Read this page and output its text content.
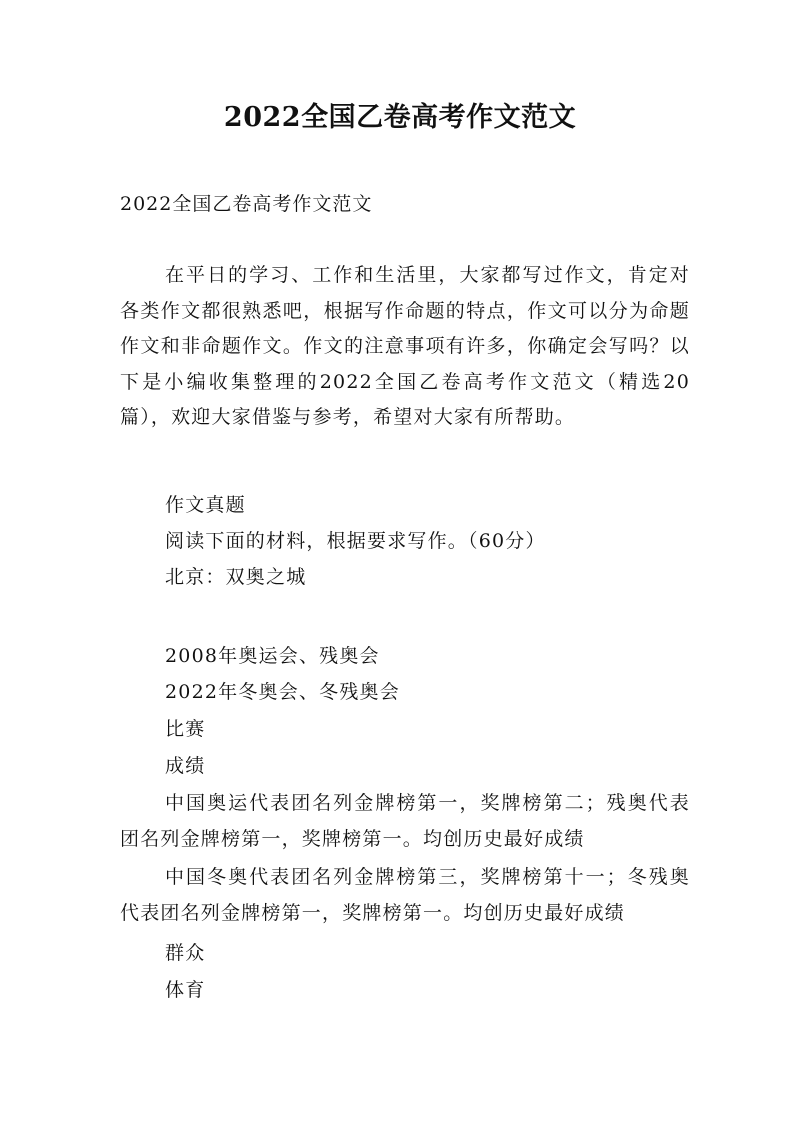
2022全国乙卷高考作文范文
2022全国乙卷高考作文范文

在平日的学习、工作和生活里，大家都写过作文，肯定对各类作文都很熟悉吧，根据写作命题的特点，作文可以分为命题作文和非命题作文。作文的注意事项有许多，你确定会写吗？以下是小编收集整理的2022全国乙卷高考作文范文（精选20篇），欢迎大家借鉴与参考，希望对大家有所帮助。

作文真题
阅读下面的材料，根据要求写作。（60分）
北京：双奥之城
2008年奥运会、残奥会
2022年冬奥会、冬残奥会
比赛
成绩

中国奥运代表团名列金牌榜第一，奖牌榜第二；残奥代表团名列金牌榜第一，奖牌榜第一。均创历史最好成绩

中国冬奥代表团名列金牌榜第三，奖牌榜第十一；冬残奥代表团名列金牌榜第一，奖牌榜第一。均创历史最好成绩

群众
体育
